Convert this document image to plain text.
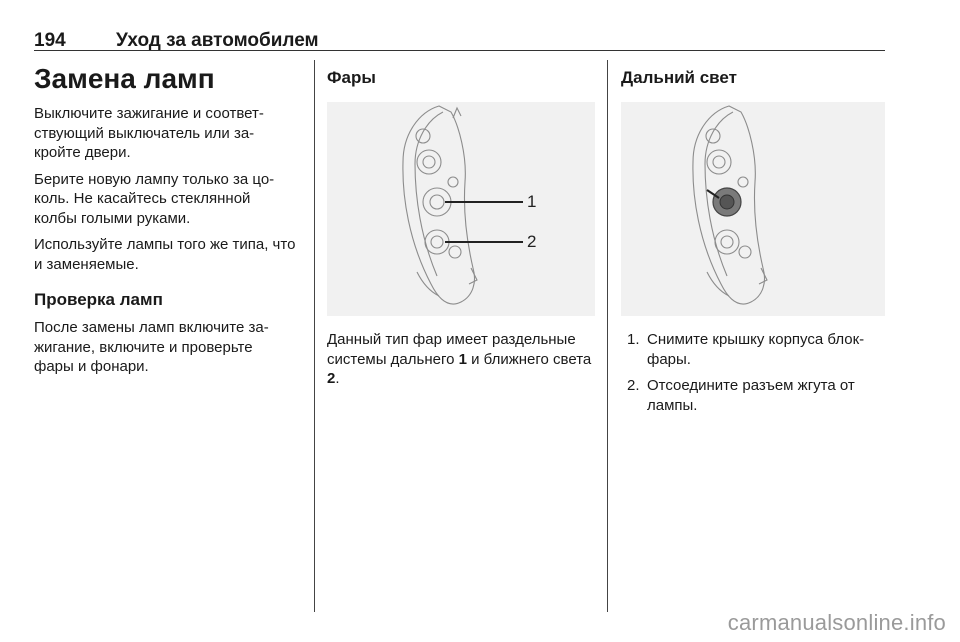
194	Уход за автомобилем
Замена ламп

Выключите зажигание и соответ-ствующий выключатель или за-кройте двери.

Берите новую лампу только за цо-коль. Не касайтесь стеклянной колбы голыми руками.

Используйте лампы того же типа, что и заменяемые.

Проверка ламп

После замены ламп включите за-жигание, включите и проверьте фары и фонари.

Фары
1
2

Данный тип фар имеет раздельные системы дальнего 1 и ближнего света 2.

Дальний свет
1. Снимите крышку корпуса блок-фары.
2. Отсоедините разъем жгута от лампы.
carmanualsonline.info
